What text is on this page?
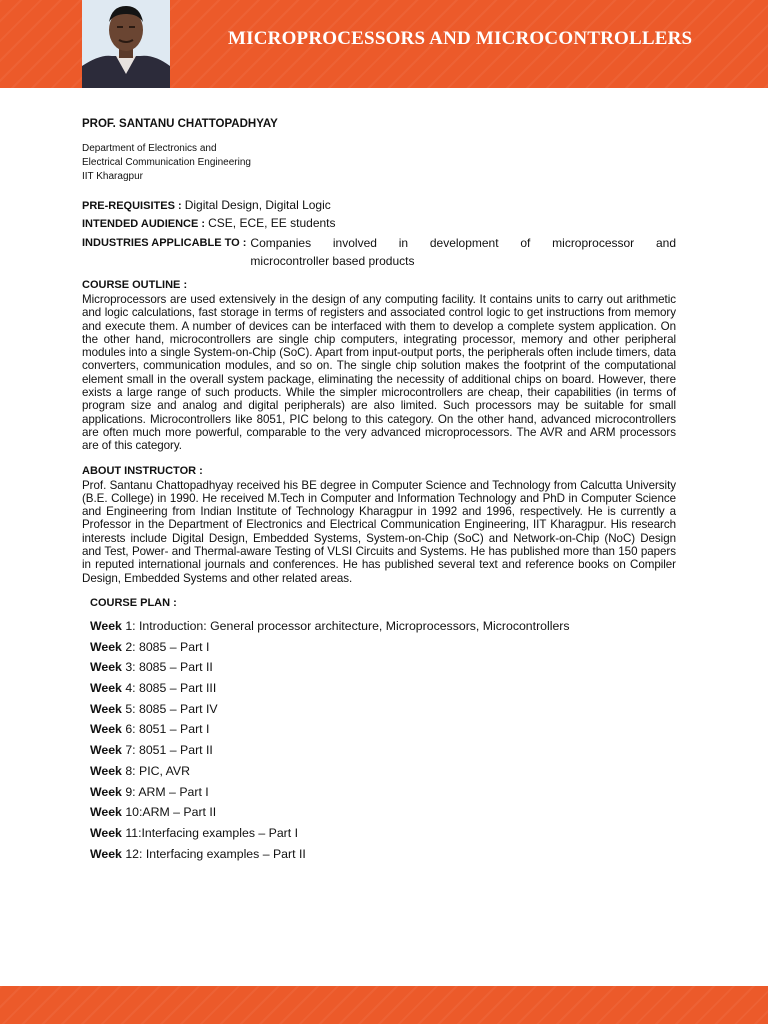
MICROPROCESSORS AND MICROCONTROLLERS

PROF. SANTANU CHATTOPADHYAY

Department of Electronics and

Electrical Communication Engineering

IIT Kharagpur

PRE-REQUISITES : Digital Design, Digital Logic

INTENDED AUDIENCE : CSE, ECE, EE students

INDUSTRIES APPLICABLE TO : Companies involved in development of microprocessor and
microcontroller based products

COURSE OUTLINE :

Microprocessors are used extensively in the design of any computing facility. It contains units to carry out arithmetic and logic calculations, fast storage in terms of registers and associated control logic to get instructions from memory and execute them. A number of devices can be interfaced with them to develop a complete system application. On the other hand, microcontrollers are single chip computers, integrating processor, memory and other peripheral modules into a single System-on-Chip (SoC). Apart from input-output ports, the peripherals often include timers, data converters, communication modules, and so on. The single chip solution makes the footprint of the computational element small in the overall system package, eliminating the necessity of additional chips on board. However, there exists a large range of such products. While the simpler microcontrollers are cheap, their capabilities (in terms of program size and analog and digital peripherals) are also limited. Such processors may be suitable for small applications. Microcontrollers like 8051, PIC belong to this category. On the other hand, advanced microcontrollers are often much more powerful, comparable to the very advanced microprocessors. The AVR and ARM processors are of this category.

ABOUT INSTRUCTOR :

Prof. Santanu Chattopadhyay received his BE degree in Computer Science and Technology from Calcutta University (B.E. College) in 1990. He received M.Tech in Computer and Information Technology and PhD in Computer Science and Engineering from Indian Institute of Technology Kharagpur in 1992 and 1996, respectively. He is currently a Professor in the Department of Electronics and Electrical Communication Engineering, IIT Kharagpur. His research interests include Digital Design, Embedded Systems, System-on-Chip (SoC) and Network-on-Chip (NoC) Design and Test, Power- and Thermal-aware Testing of VLSI Circuits and Systems. He has published more than 150 papers in reputed international journals and conferences. He has published several text and reference books on Compiler Design, Embedded Systems and other related areas.

COURSE PLAN :

Week 1: Introduction: General processor architecture, Microprocessors, Microcontrollers

Week 2: 8085 – Part I

Week 3: 8085 – Part II

Week 4: 8085 – Part III

Week 5: 8085 – Part IV

Week 6: 8051 – Part I

Week 7: 8051 – Part II

Week 8: PIC, AVR

Week 9: ARM – Part I

Week 10:ARM – Part II

Week 11:Interfacing examples – Part I

Week 12: Interfacing examples – Part II
